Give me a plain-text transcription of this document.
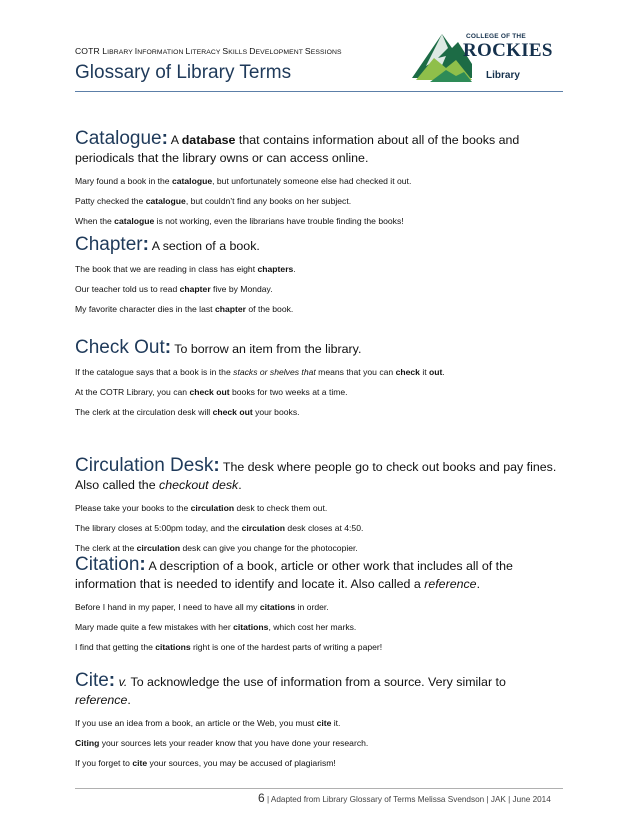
COTR LIBRARY INFORMATION LITERACY SKILLS DEVELOPMENT SESSIONS
Glossary of Library Terms
COLLEGE OF THE
ROCKIES
Library
Catalogue: A database that contains information about all of the books and periodicals that the library owns or can access online.
Mary found a book in the catalogue, but unfortunately someone else had checked it out.
Patty checked the catalogue, but couldn’t find any books on her subject.
When the catalogue is not working, even the librarians have trouble finding the books!
Chapter: A section of a book.
The book that we are reading in class has eight chapters.
Our teacher told us to read chapter five by Monday.
My favorite character dies in the last chapter of the book.
Check Out: To borrow an item from the library.
If the catalogue says that a book is in the stacks or shelves that means that you can check it out.
At the COTR Library, you can check out books for two weeks at a time.
The clerk at the circulation desk will check out your books.
Circulation Desk: The desk where people go to check out books and pay fines. Also called the checkout desk.
Please take your books to the circulation desk to check them out.
The library closes at 5:00pm today, and the circulation desk closes at 4:50.
The clerk at the circulation desk can give you change for the photocopier.
Citation: A description of a book, article or other work that includes all of the information that is needed to identify and locate it. Also called a reference.
Before I hand in my paper, I need to have all my citations in order.
Mary made quite a few mistakes with her citations, which cost her marks.
I find that getting the citations right is one of the hardest parts of writing a paper!
Cite: v. To acknowledge the use of information from a source. Very similar to reference.
If you use an idea from a book, an article or the Web, you must cite it.
Citing your sources lets your reader know that you have done your research.
If you forget to cite your sources, you may be accused of plagiarism!
6 | Adapted from Library Glossary of Terms Melissa Svendson | JAK | June 2014
